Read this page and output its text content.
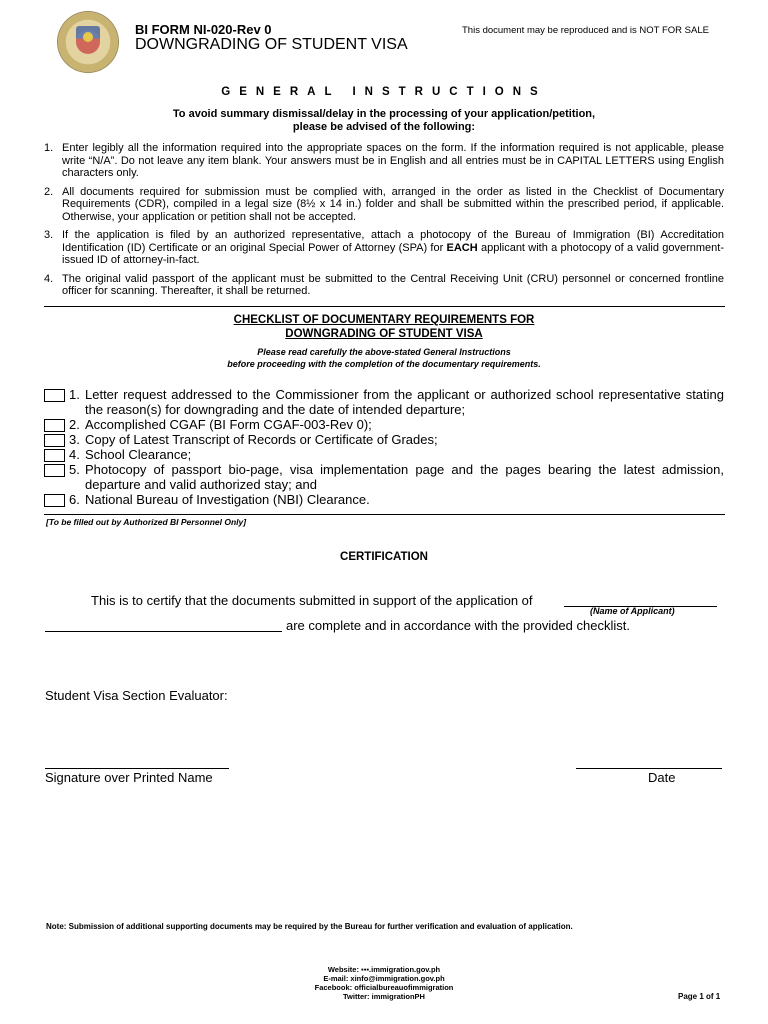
BI FORM NI-020-Rev 0
DOWNGRADING OF STUDENT VISA
This document may be reproduced and is NOT FOR SALE
GENERAL INSTRUCTIONS
To avoid summary dismissal/delay in the processing of your application/petition,
please be advised of the following:
1. Enter legibly all the information required into the appropriate spaces on the form. If the information required is not applicable, please write “N/A”. Do not leave any item blank. Your answers must be in English and all entries must be in CAPITAL LETTERS using English characters only.
2. All documents required for submission must be complied with, arranged in the order as listed in the Checklist of Documentary Requirements (CDR), compiled in a legal size (8½ x 14 in.) folder and shall be submitted within the prescribed period, if applicable. Otherwise, your application or petition shall not be accepted.
3. If the application is filed by an authorized representative, attach a photocopy of the Bureau of Immigration (BI) Accreditation Identification (ID) Certificate or an original Special Power of Attorney (SPA) for EACH applicant with a photocopy of a valid government-issued ID of attorney-in-fact.
4. The original valid passport of the applicant must be submitted to the Central Receiving Unit (CRU) personnel or concerned frontline officer for scanning. Thereafter, it shall be returned.
CHECKLIST OF DOCUMENTARY REQUIREMENTS FOR
DOWNGRADING OF STUDENT VISA
Please read carefully the above-stated General Instructions
before proceeding with the completion of the documentary requirements.
1. Letter request addressed to the Commissioner from the applicant or authorized school representative stating the reason(s) for downgrading and the date of intended departure;
2. Accomplished CGAF (BI Form CGAF-003-Rev 0);
3. Copy of Latest Transcript of Records or Certificate of Grades;
4. School Clearance;
5. Photocopy of passport bio-page, visa implementation page and the pages bearing the latest admission, departure and valid authorized stay; and
6. National Bureau of Investigation (NBI) Clearance.
[To be filled out by Authorized BI Personnel Only]
CERTIFICATION
This is to certify that the documents submitted in support of the application of
(Name of Applicant)
are complete and in accordance with the provided checklist.
Student Visa Section Evaluator:
Signature over Printed Name	Date
Note: Submission of additional supporting documents may be required by the Bureau for further verification and evaluation of application.
Website: ▪▪▪.immigration.gov.ph
E-mail: xinfo@immigration.gov.ph
Facebook: officialbureauofimmigration
Twitter: immigrationPH	Page 1 of 1
